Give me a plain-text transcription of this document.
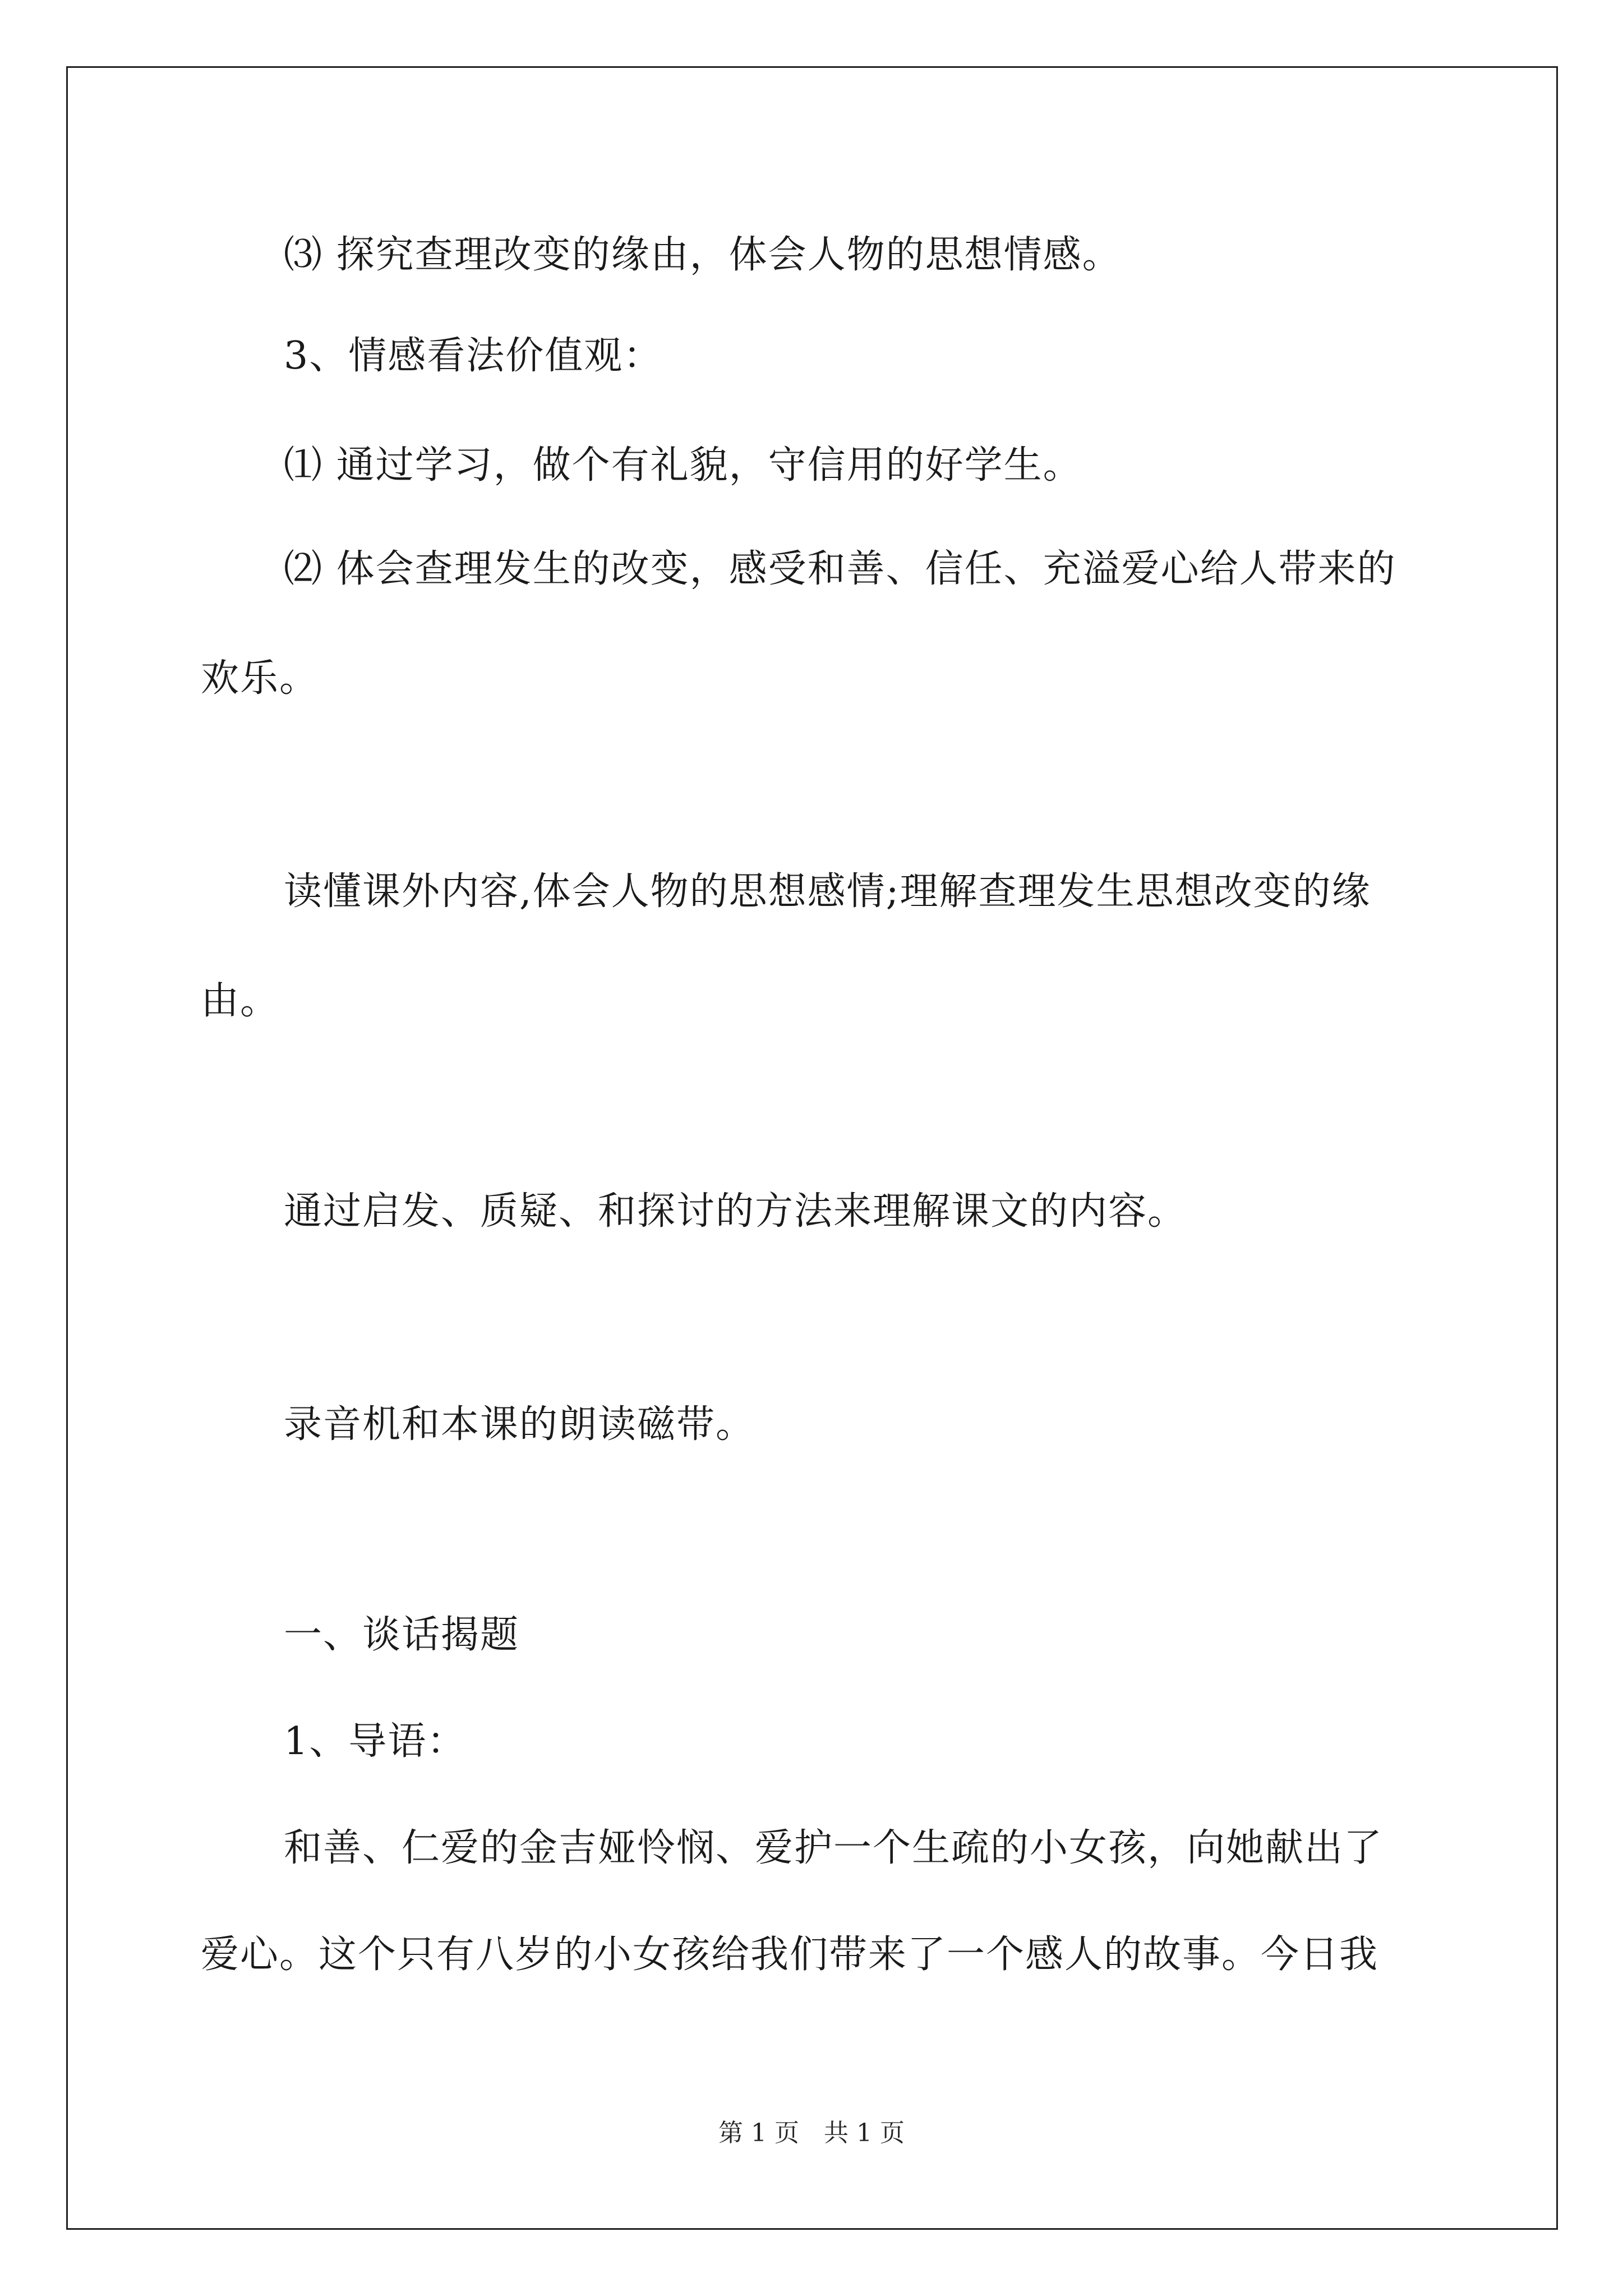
⑶ 探究查理改变的缘由，体会人物的思想情感。
3、情感看法价值观：
⑴ 通过学习，做个有礼貌，守信用的好学生。
⑵ 体会查理发生的改变，感受和善、信任、充溢爱心给人带来的
欢乐。
读懂课外内容,体会人物的思想感情;理解查理发生思想改变的缘
由。
通过启发、质疑、和探讨的方法来理解课文的内容。
录音机和本课的朗读磁带。
一、谈话揭题
1、导语：
和善、仁爱的金吉娅怜悯、爱护一个生疏的小女孩，向她献出了
爱心。这个只有八岁的小女孩给我们带来了一个感人的故事。今日我
第 1 页　共 1 页
